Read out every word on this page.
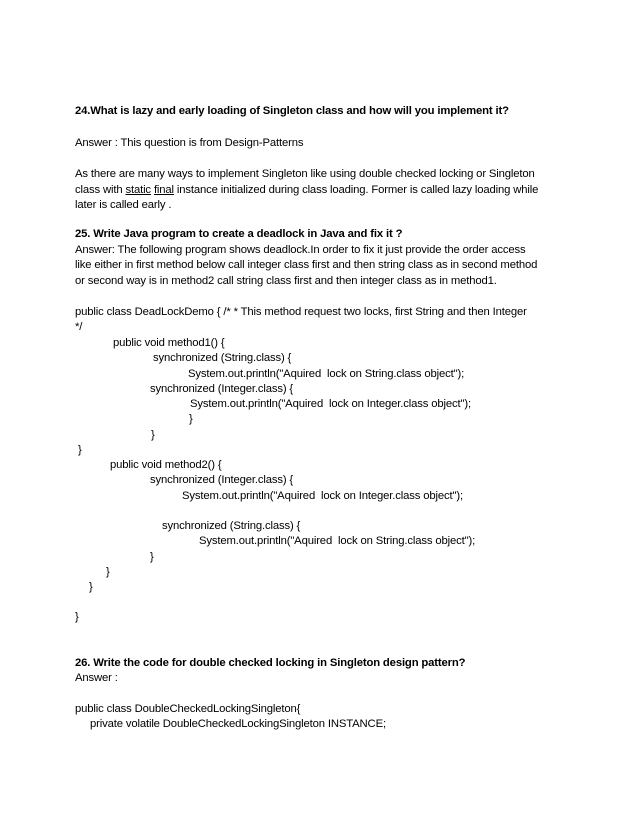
24.What is lazy and early loading of Singleton class and how will you implement it?

Answer : This question is from Design-Patterns

As there are many ways to implement Singleton like using double checked locking or Singleton

class with static final instance initialized during class loading. Former is called lazy loading while

later is called early .

25. Write Java program to create a deadlock in Java and fix it ?

Answer: The following program shows deadlock.In order to fix it just provide the order access

like either in first method below call integer class first and then string class as in second method

or second way is in method2 call string class first and then integer class as in method1.

public class DeadLockDemo { /* * This method request two locks, first String and then Integer

*/

public void method1() {

synchronized (String.class) {

System.out.println("Aquired  lock on String.class object");

synchronized (Integer.class) {

System.out.println("Aquired  lock on Integer.class object");

}

}

}

public void method2() {

synchronized (Integer.class) {

System.out.println("Aquired  lock on Integer.class object");

synchronized (String.class) {

System.out.println("Aquired  lock on String.class object");

}

}

}

}

26. Write the code for double checked locking in Singleton design pattern?

Answer :

public class DoubleCheckedLockingSingleton{

private volatile DoubleCheckedLockingSingleton INSTANCE;
